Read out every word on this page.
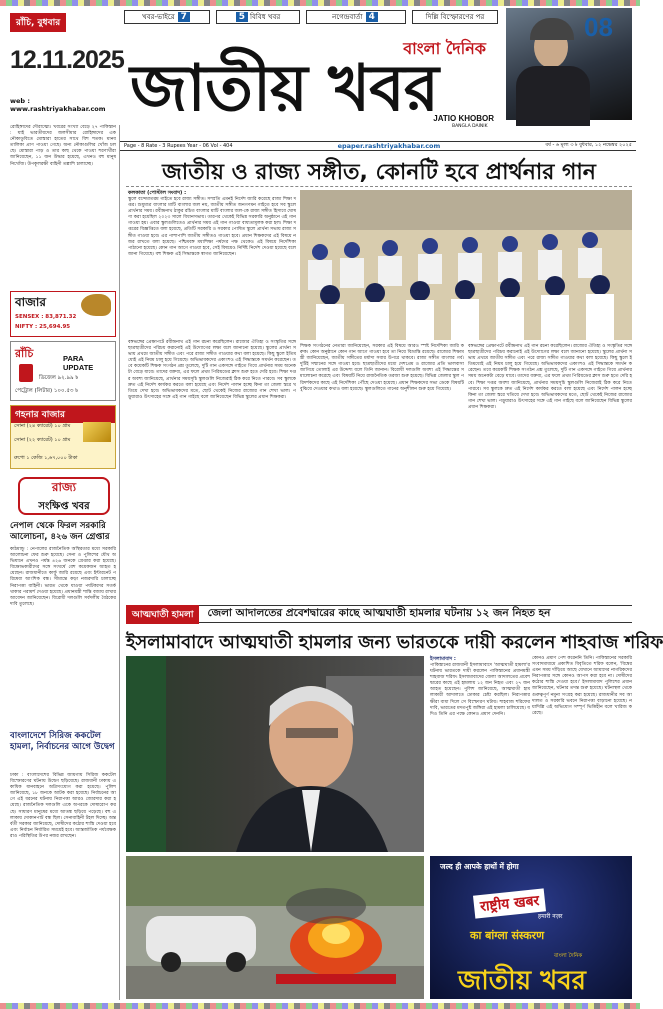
রাঁচি, বুধবার
12.11.2025
web : www.rashtriyakhabar.com
খবর-ভাইরে 7	5 বিবিধ খবর	নগেন্দ্রবার্তা 4	দিল্লি বিস্ফোরণের পর
বাংলা দৈনিক
জাতীয় খবর
JATIO KHOBOR
BANGLA DAINIK
08
Page - 8 Rate - 3 Rupees Year - 06 Vol - 404	epaper.rashtriyakhabar.com	বর্ষ - ৬ মূল্য ৩ ৳ বুধবার, ১২ নভেম্বর ২০২৫
রোহিঙ্গাদের দৌরাত্ম্যে। খবরের সংখ্যা বেড়ে ২৭ পাকিস্তান : যাই ভারতীয়দের জলসীমার রোহিঙ্গাদের এক নৌকাডুবিতে মোস্তারা হাতের সাথে বিশ শতক। মানব তালিকা প্রাণ পাওয়া গেছে। অন্য নৌকাগুলির খোঁজ চলছে। মোস্তারা পাড় ও তার কাছ থেকে পাওয়া শরণার্থীরা জানিয়েছেন, ১১ জন উদ্ধার হয়েছে, এখনও বহু মানুষ নিখোঁজ। উপকূলরক্ষী বাহিনী তল্লাশি চালাচ্ছে।
বাজার
SENSEX : 83,871.32
NIFTY : 25,694.95
রাঁচি	PARA UPDATE
ডিজেল ৯২.৯৯ ৳
পেট্রোল (লিটার) ১০০.৫৩ ৳
গহনার বাজার
সোনা (২৪ ক্যারেট) ১০ গ্রাম
সোনা (২২ ক্যারেট) ১০ গ্রাম
রুপো ১ কেজি ১,৬৭,০০০ টাকা
রাজ্য
সংক্ষিপ্ত খবর
নেপাল থেকে ফিরল সরকারি আলোচনা, ৪২৬ জন গ্রেপ্তার
কাঠমান্ডু : নেপালের রাজনৈতিক অস্থিরতার মধ্যে সরকারি আলোচনা ফের শুরু হয়েছে। সেনা ও পুলিশের যৌথ অভিযানে এখনও পর্যন্ত ৪২৬ জনকে গ্রেপ্তার করা হয়েছে। বিক্ষোভকারীদের সঙ্গে সংঘর্ষে বেশ কয়েকজন আহত হয়েছেন। রাজধানীতে কার্ফু জারি রয়েছে এবং ইন্টারনেট পরিষেবা আংশিক বন্ধ। সীমান্তে কড়া নজরদারি চালাচ্ছে নিরাপত্তা বাহিনী। ভারত থেকে যাওয়া পর্যটকদের সতর্ক থাকার পরামর্শ দেওয়া হয়েছে। প্রধানমন্ত্রী শান্তি বজায় রাখার আবেদন জানিয়েছেন। বিরোধী দলগুলি সর্বদলীয় বৈঠকের দাবি তুলেছে।
বাংলাদেশে সিরিজ ককটেল হামলা, নির্বাচনের আগে উদ্বেগ
ঢাকা : বাংলাদেশের বিভিন্ন জায়গায় সিরিজ ককটেল বিস্ফোরণের ঘটনায় উদ্বেগ ছড়িয়েছে। রাজধানী ঢাকায় একাধিক যানবাহনে অগ্নিসংযোগ করা হয়েছে। পুলিশ জানিয়েছে, ১৮ জনকে আটক করা হয়েছে। নির্বাচনের আগে এই ধরনের ঘটনায় নিরাপত্তা আরও জোরদার করা হয়েছে। রাজনৈতিক দলগুলি একে অপরকে দোষারোপ করছে। সাধারণ মানুষের মধ্যে আতঙ্ক ছড়িয়ে পড়েছে। বহু এলাকায় দোকানপাট বন্ধ ছিল। সেনাবাহিনী টহল দিচ্ছে। অন্তর্বর্তী সরকার জানিয়েছে, দোষীদের কঠোর শাস্তি দেওয়া হবে এবং নির্বাচন নির্ধারিত সময়েই হবে। আন্তর্জাতিক পর্যবেক্ষকরাও পরিস্থিতির উপর নজর রাখছেন।
জাতীয় ও রাজ্য সঙ্গীত, কোনটি হবে প্রার্থনার গান
কলকাতা (পোস্টাল সংবাদ) :
স্কুলে বন্দেমাতরম গাইতে হবে রাজ্য সঙ্গীত। সম্প্রতি এমনই নির্দেশ জারি করেছে রাজ্য শিক্ষা দপ্তর। শুধুমাত্র বাংলার মাটি বাংলার জল নয়, জাতীয় সঙ্গীত জনগণমন গাইতে হবে সব স্কুলে প্রার্থনার সময়। রবীন্দ্রনাথ ঠাকুর রচিত বাংলার মাটি বাংলার জল-কে রাজ্য সঙ্গীত হিসাবে ঘোষণা করা হয়েছিল ২০২৩ সালে বিধানসভায়। তারপর থেকেই বিভিন্ন সরকারি অনুষ্ঠানে এই গান গাওয়া হয়। এবার স্কুলগুলিতেও প্রার্থনার সময় এই গান গাওয়া বাধ্যতামূলক করা হল। শিক্ষা দপ্তরের বিজ্ঞপ্তিতে বলা হয়েছে, প্রতিটি সরকারি ও সরকার পোষিত স্কুলে প্রার্থনা সভায় রাজ্য সঙ্গীত গাওয়া হবে। এর পাশাপাশি জাতীয় সঙ্গীতও গাওয়া হবে। প্রধান শিক্ষকদের এই বিষয়ে নজর রাখতে বলা হয়েছে। পশ্চিমবঙ্গ মধ্যশিক্ষা পর্ষদের পক্ষ থেকেও এই বিষয়ে নির্দেশিকা পাঠানো হয়েছে। কোন গান আগে গাওয়া হবে, সেই বিষয়েও নির্দিষ্ট নির্দেশ দেওয়া হয়েছে বলে জানা গিয়েছে। বহু শিক্ষক এই সিদ্ধান্তকে স্বাগত জানিয়েছেন।
বঙ্গভঙ্গের প্রেক্ষাপটে রবীন্দ্রনাথ এই গান রচনা করেছিলেন। রাজ্যের ঐতিহ্য ও সংস্কৃতির সঙ্গে ছাত্রছাত্রীদের পরিচয় করানোই এই উদ্যোগের লক্ষ্য বলে জানানো হয়েছে। স্কুলের প্রার্থনা সভায় প্রথমে জাতীয় সঙ্গীত এবং পরে রাজ্য সঙ্গীত গাওয়ার কথা বলা হয়েছে। কিছু স্কুলে ইতিমধ্যেই এই নিয়ম চালু হয়ে গিয়েছে। অভিভাবকদের একাংশও এই সিদ্ধান্তকে সমর্থন করেছেন। তবে কয়েকটি শিক্ষক সংগঠন প্রশ্ন তুলেছে, দুটি গান একসঙ্গে গাইতে গিয়ে প্রার্থনার সময় অনেকটা বেড়ে যাবে। তাদের বক্তব্য, এর ফলে প্রথম পিরিয়ডের ক্লাস শুরু হতে দেরি হবে। শিক্ষা দপ্তর অবশ্য জানিয়েছে, প্রার্থনার সময়সূচি স্কুলগুলি নিজেরাই ঠিক করে নিতে পারবে। সব স্কুলকে দ্রুত এই নির্দেশ কার্যকর করতে বলা হয়েছে এবং নির্দেশ পালন হচ্ছে কিনা তা জেলা স্তরে খতিয়ে দেখা হবে। অভিভাবকদের মতে, ছোট থেকেই নিজের রাজ্যের গান শেখা ভাল। পড়ুয়ারাও উৎসাহের সঙ্গে এই গান গাইছে বলে জানিয়েছেন বিভিন্ন স্কুলের প্রধান শিক্ষকরা।
শিক্ষক সংগঠনের নেতারা জানিয়েছেন, সরকার এই বিষয়ে আরও স্পষ্ট নির্দেশিকা জারি করুক। কোন অনুষ্ঠানে কোন গান আগে গাওয়া হবে তা নিয়ে বিভ্রান্তি রয়েছে। রাজ্যের শিক্ষামন্ত্রী জানিয়েছেন, জাতীয় সঙ্গীতের মর্যাদা সবার উপরে থাকবে। রাজ্য সঙ্গীত বাংলার গর্ব। দুটিই সম্মানের সঙ্গে গাওয়া হবে। ছাত্রছাত্রীদের মধ্যে দেশপ্রেম ও রাজ্যের প্রতি ভালবাসা জাগিয়ে তোলাই এর উদ্দেশ্য বলে তিনি জানান। বিরোধী দলগুলি অবশ্য এই সিদ্ধান্তের সমালোচনা করেছে এবং বিষয়টি নিয়ে রাজনৈতিক তরজা শুরু হয়েছে। বিভিন্ন জেলার স্কুল পরিদর্শকদের কাছে এই নির্দেশিকা পৌঁছে দেওয়া হয়েছে। প্রধান শিক্ষকদের সভা ডেকে বিষয়টি বুঝিয়ে দেওয়ার কথাও বলা হয়েছে। স্কুলগুলিতে গানের অনুশীলন শুরু হয়ে গিয়েছে।
বঙ্গভঙ্গের প্রেক্ষাপটে রবীন্দ্রনাথ এই গান রচনা করেছিলেন। রাজ্যের ঐতিহ্য ও সংস্কৃতির সঙ্গে ছাত্রছাত্রীদের পরিচয় করানোই এই উদ্যোগের লক্ষ্য বলে জানানো হয়েছে। স্কুলের প্রার্থনা সভায় প্রথমে জাতীয় সঙ্গীত এবং পরে রাজ্য সঙ্গীত গাওয়ার কথা বলা হয়েছে। কিছু স্কুলে ইতিমধ্যেই এই নিয়ম চালু হয়ে গিয়েছে। অভিভাবকদের একাংশও এই সিদ্ধান্তকে সমর্থন করেছেন। তবে কয়েকটি শিক্ষক সংগঠন প্রশ্ন তুলেছে, দুটি গান একসঙ্গে গাইতে গিয়ে প্রার্থনার সময় অনেকটা বেড়ে যাবে। তাদের বক্তব্য, এর ফলে প্রথম পিরিয়ডের ক্লাস শুরু হতে দেরি হবে। শিক্ষা দপ্তর অবশ্য জানিয়েছে, প্রার্থনার সময়সূচি স্কুলগুলি নিজেরাই ঠিক করে নিতে পারবে। সব স্কুলকে দ্রুত এই নির্দেশ কার্যকর করতে বলা হয়েছে এবং নির্দেশ পালন হচ্ছে কিনা তা জেলা স্তরে খতিয়ে দেখা হবে। অভিভাবকদের মতে, ছোট থেকেই নিজের রাজ্যের গান শেখা ভাল। পড়ুয়ারাও উৎসাহের সঙ্গে এই গান গাইছে বলে জানিয়েছেন বিভিন্ন স্কুলের প্রধান শিক্ষকরা।
আত্মঘাতী হামলা	জেলা আদালতের প্রবেশদ্বারের কাছে আত্মঘাতী হামলার ঘটনায় ১২ জন নিহত হন
ইসলামাবাদে আত্মঘাতী হামলার জন্য ভারতকে দায়ী করলেন শাহবাজ শরিফ
ইসলামাবাদ :
পাকিস্তানের রাজধানী ইসলামাবাদে 'আত্মঘাতী হামলা'র ঘটনায় ভারতকে দায়ী করলেন পাকিস্তানের প্রধানমন্ত্রী শাহবাজ শরিফ। ইসলামাবাদের জেলা আদালতের প্রবেশদ্বারের কাছে এই হামলায় ১২ জন নিহত এবং ২৭ জন আহত হয়েছেন। পুলিশ জানিয়েছে, আত্মঘাতী হামলাকারী আদালতে ঢোকার চেষ্টা করছিল। নিরাপত্তারক্ষীরা বাধা দিলে সে বিস্ফোরণ ঘটায়। শাহবাজ শরিফের দাবি, ভারতের মদতপুষ্ট জঙ্গিরা এই হামলা চালিয়েছে। যদিও তিনি এর পক্ষে কোনও প্রমাণ দেননি।
কোনও প্রমাণ পেশ করেননি তিনি। পাকিস্তানের সরকারি সংবাদমাধ্যমে প্রকাশিত বিবৃতিতে শরিফ বলেন, 'বিশ্বের এমন সময় দাঁড়িয়ে আছে যেখানে আমাদের নাগরিকদের নিরাপত্তার সঙ্গে কোনও আপস করা হবে না। দোষীদের কঠোর শাস্তি দেওয়া হবে।' ইসলামাবাদ পুলিশের প্রধান জানিয়েছেন, ঘটনার তদন্ত শুরু হয়েছে। ঘটনাস্থল থেকে গুরুত্বপূর্ণ নমুনা সংগ্রহ করা হয়েছে। রাজধানীর সব আদালত ও সরকারি ভবনে নিরাপত্তা বাড়ানো হয়েছে। নয়াদিল্লি এই অভিযোগ সম্পূর্ণ ভিত্তিহীন বলে খারিজ করেছে।
जल्द ही आपके हाथों में होगा
राष्ट्रीय खबर
हमारी नज़र
का बांग्ला संस्करण
বাংলা দৈনিক
জাতীয় খবর
